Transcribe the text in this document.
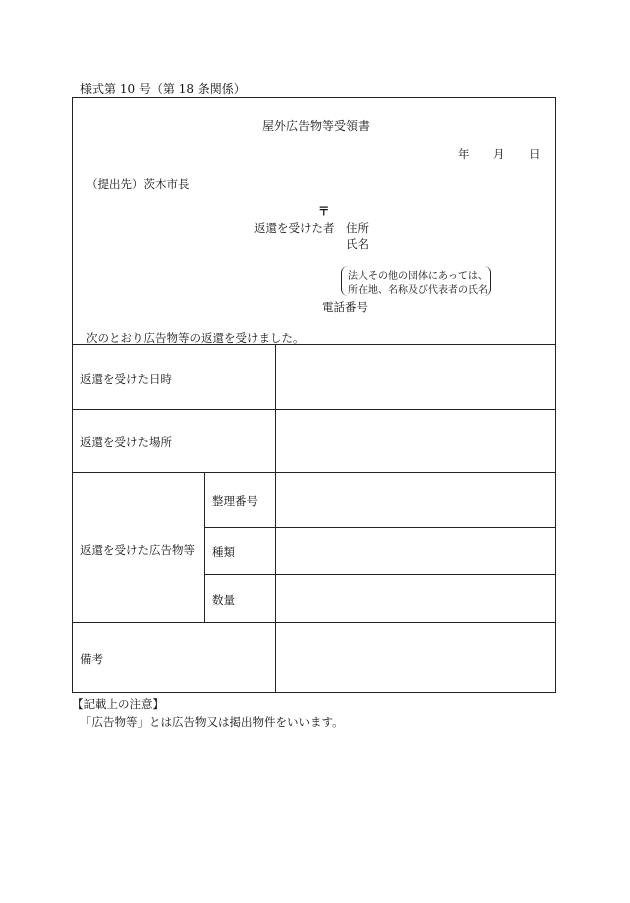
様式第 10 号（第 18 条関係）
屋外広告物等受領書
年 月 日
（提出先）茨木市長
〒
返還を受けた者 住所
氏名
法人その他の団体にあっては、
所在地、名称及び代表者の氏名
電話番号
次のとおり広告物等の返還を受けました。
返還を受けた日時
返還を受けた場所
返還を受けた広告物等
整理番号
種類
数量
備考
【記載上の注意】
「広告物等」とは広告物又は掲出物件をいいます。
